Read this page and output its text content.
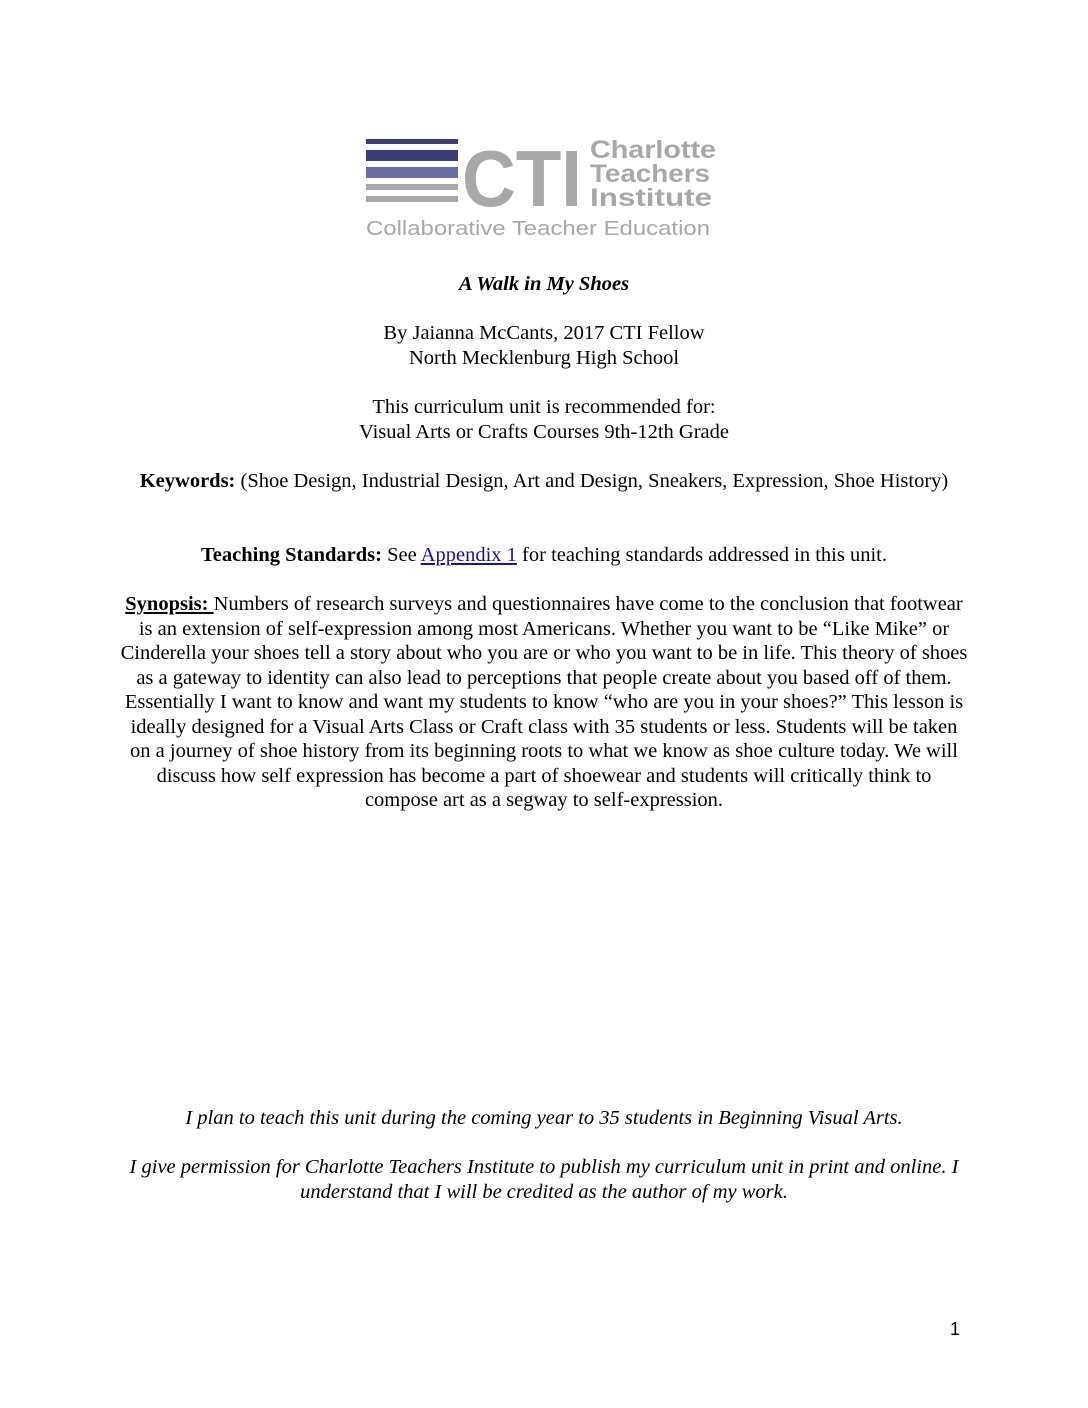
CTI Charlotte
Teachers
Institute
Collaborative Teacher Education
A Walk in My Shoes
By Jaianna McCants, 2017 CTI Fellow
North Mecklenburg High School
This curriculum unit is recommended for:
Visual Arts or Crafts Courses 9th-12th Grade
Keywords: (Shoe Design, Industrial Design, Art and Design, Sneakers, Expression, Shoe History)
Teaching Standards: See Appendix 1 for teaching standards addressed in this unit.
Synopsis: Numbers of research surveys and questionnaires have come to the conclusion that footwear is an extension of self-expression among most Americans. Whether you want to be “Like Mike” or Cinderella your shoes tell a story about who you are or who you want to be in life. This theory of shoes as a gateway to identity can also lead to perceptions that people create about you based off of them. Essentially I want to know and want my students to know “who are you in your shoes?” This lesson is ideally designed for a Visual Arts Class or Craft class with 35 students or less. Students will be taken on a journey of shoe history from its beginning roots to what we know as shoe culture today. We will discuss how self expression has become a part of shoewear and students will critically think to compose art as a segway to self-expression.
I plan to teach this unit during the coming year to 35 students in Beginning Visual Arts.
I give permission for Charlotte Teachers Institute to publish my curriculum unit in print and online. I understand that I will be credited as the author of my work.
1
